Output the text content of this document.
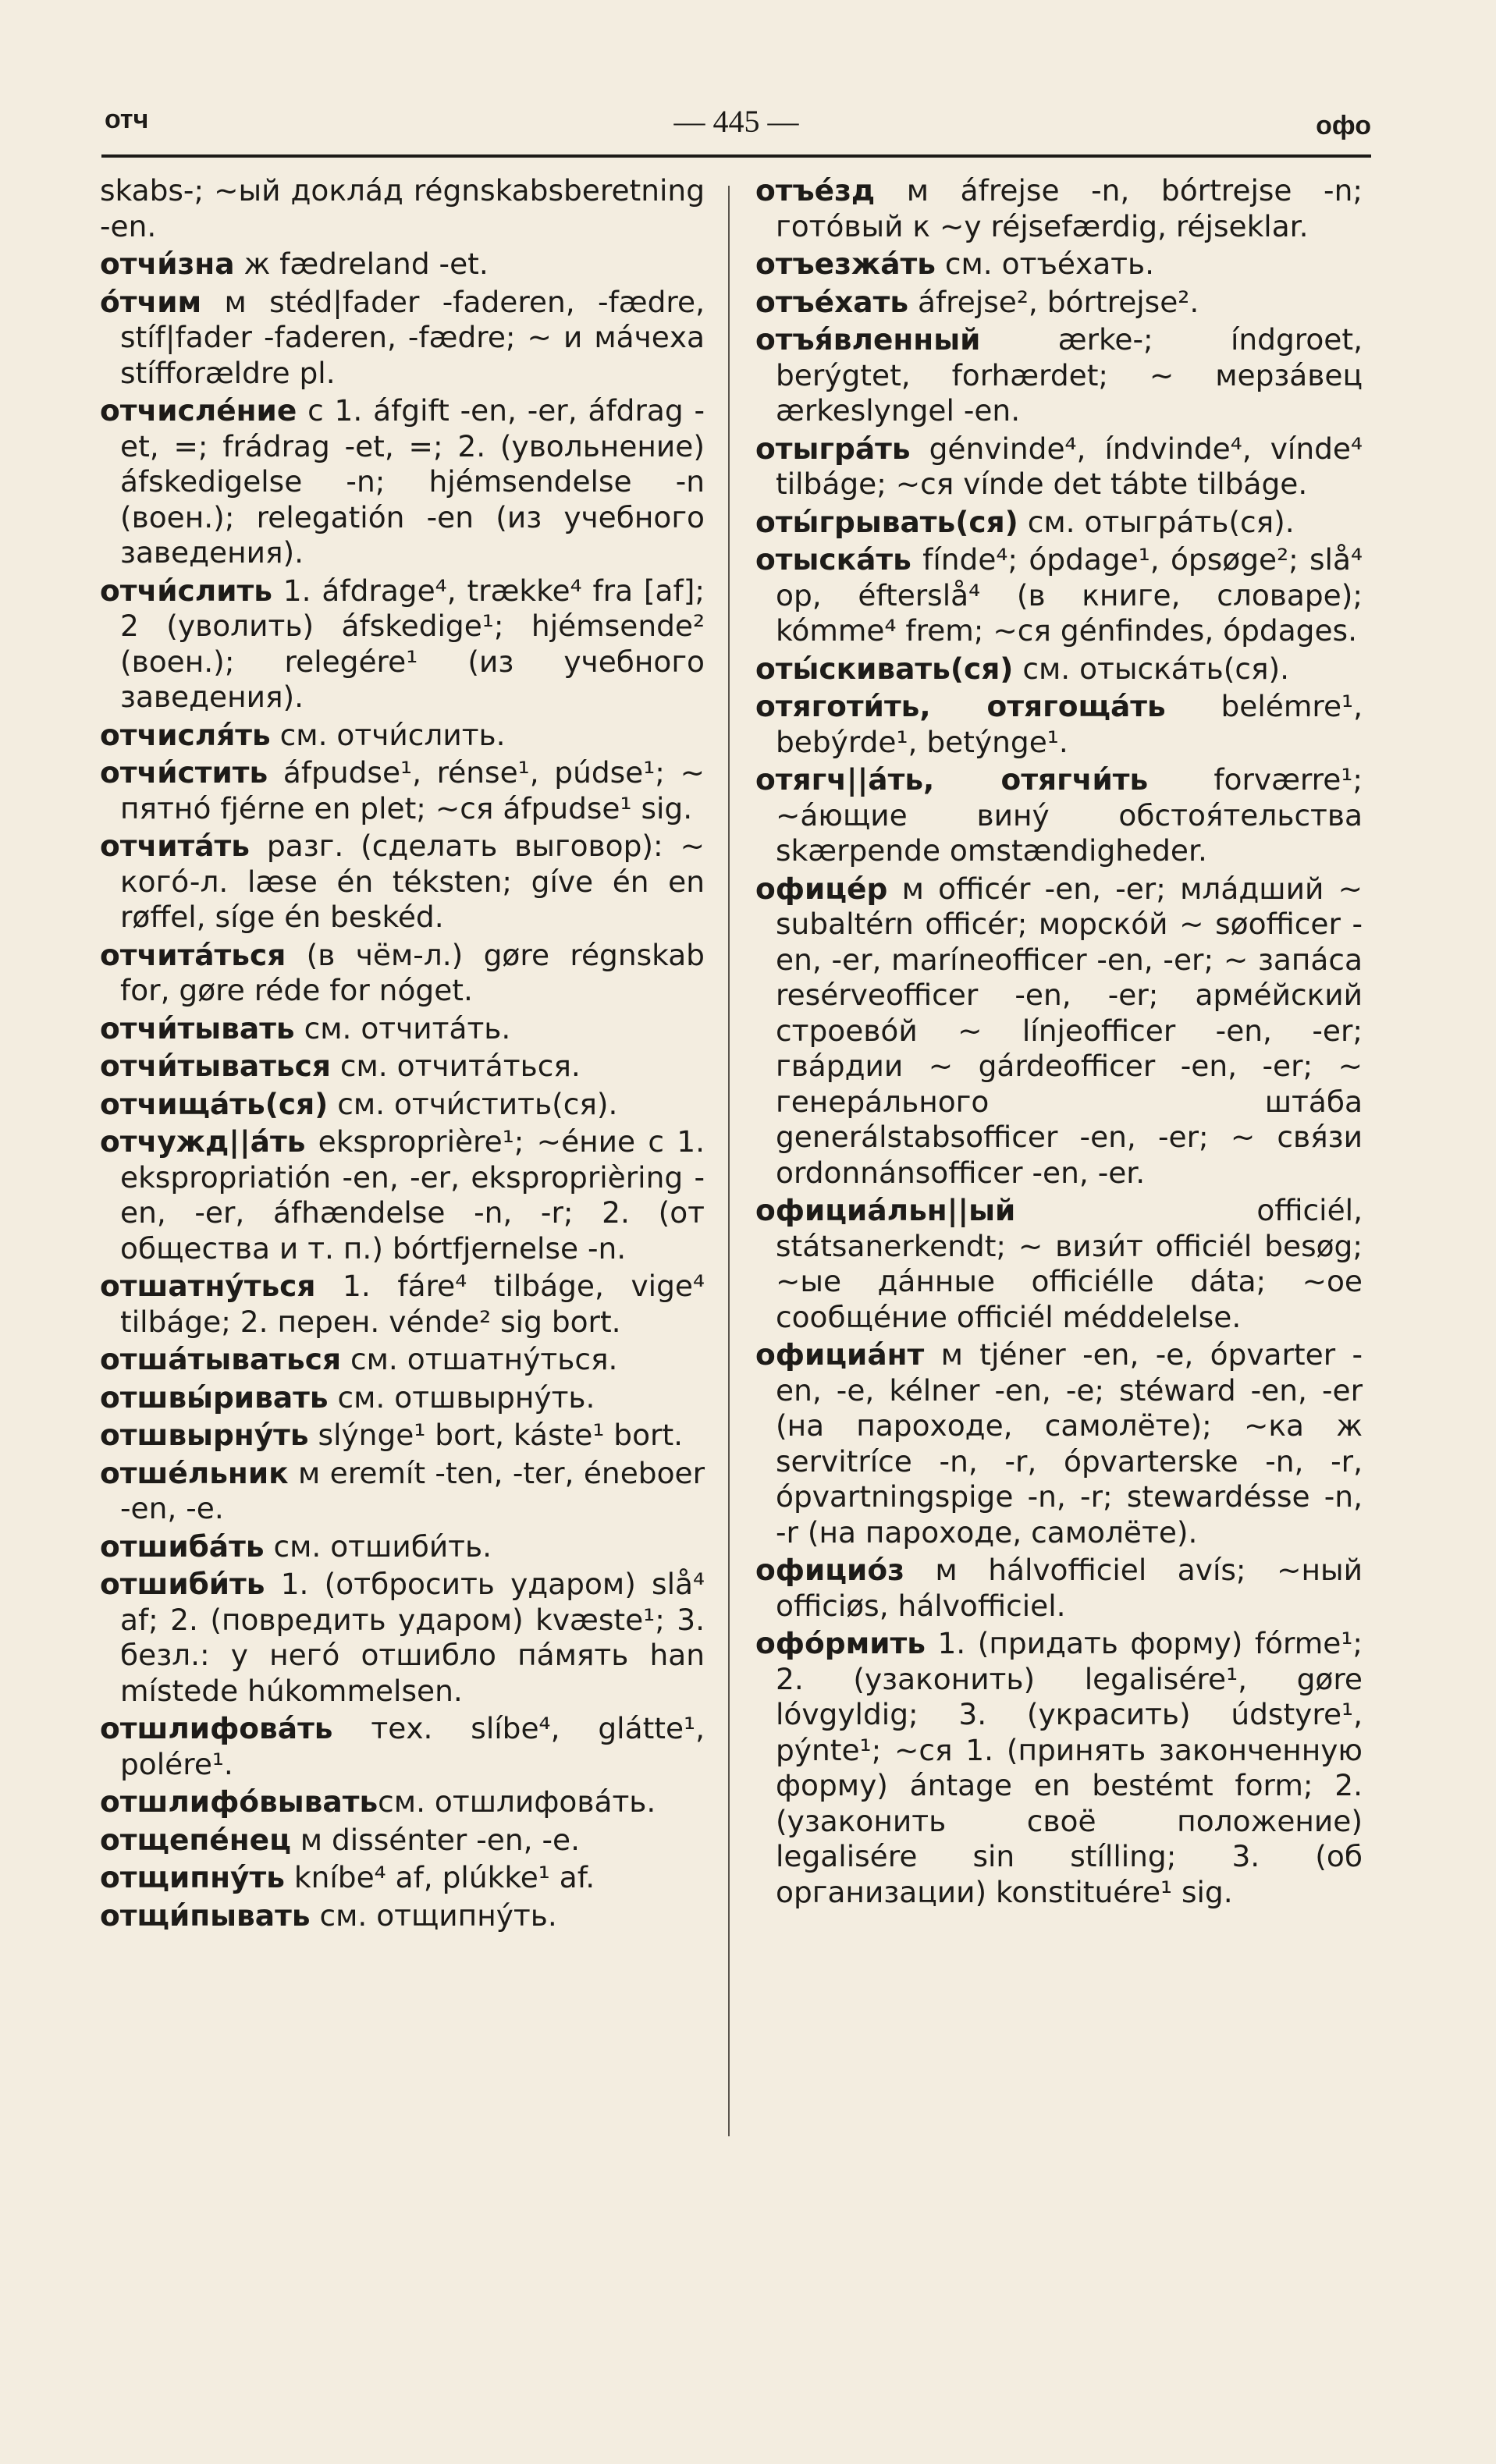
отч	— 445 —	офо

skabs-; ~ый доклáд régnskabsberetning -en.

отчи́зна ж fædreland -et.

óтчим м stéd|fader -faderen, -fædre, stíf|fader -faderen, -fædre; ~ и мáчеха stífforældre pl.

отчислéние с 1. áfgift -en, -er, áfdrag -et, =; frádrag -et, =; 2. (увольнение) áfskedigelse -n; hjémsendelse -n (воен.); relegatión -en (из учебного заведения).

отчи́слить 1. áfdrage⁴, trække⁴ fra [af]; 2 (уволить) áfskedige¹; hjémsende² (воен.); relegére¹ (из учебного заведения).

отчисля́ть см. отчи́слить.

отчи́стить áfpudse¹, rénse¹, púdse¹; ~ пятнó fjérne en plet; ~ся áfpudse¹ sig.

отчитáть разг. (сделать выговор): ~ когó-л. læse én téksten; gíve én en røffel, síge én beskéd.

отчитáться (в чём-л.) gøre régnskab for, gøre réde for nóget.

отчи́тывать см. отчитáть.

отчи́тываться см. отчитáться.

отчищáть(ся) см. отчи́стить(ся).

отчужд||áть eksproprière¹; ~éние с 1. ekspropriatión -en, -er, eksproprièring -en, -er, áfhændelse -n, -r; 2. (от общества и т. п.) bórtfjernelse -n.

отшатнýться 1. fáre⁴ tilbáge, vige⁴ tilbáge; 2. перен. vénde² sig bort.

отшáтываться см. отшатнýться.

отшвы́ривать см. отшвырнýть.

отшвырнýть slýnge¹ bort, káste¹ bort.

отшéльник м eremít -ten, -ter, éneboer -en, -e.

отшибáть см. отшиби́ть.

отшиби́ть 1. (отбросить ударом) slå⁴ af; 2. (повредить ударом) kvæste¹; 3. безл.: у негó отшибло пáмять han místede húkommelsen.

отшлифовáть тех. slíbe⁴, glátte¹, polére¹.

отшлифóвыватьсм. отшлифовáть.

отщепéнец м dissénter -en, -e.

отщипнýть kníbe⁴ af, plúkke¹ af.

отщи́пывать см. отщипнýть.

отъéзд м áfrejse -n, bórtrejse -n; готóвый к ~у réjsefærdig, réjseklar.

отъезжáть см. отъéхать.

отъéхать áfrejse², bórtrejse².

отъя́вленный ærke-; índgroet, berýgtet, forhærdet; ~ мерзáвец ærkeslyngel -en.

отыгрáть génvinde⁴, índvinde⁴, vínde⁴ tilbáge; ~ся vínde det tábte tilbáge.

оты́грывать(ся) см. отыгрáть(ся).

отыскáть fínde⁴; ópdage¹, ópsøge²; slå⁴ op, éfterslå⁴ (в книге, словаре); kómme⁴ frem; ~ся génfindes, ópdages.

оты́скивать(ся) см. отыскáть(ся).

отяготи́ть, отягощáть belémre¹, bebýrde¹, betýnge¹.

отягч||áть, отягчи́ть forværre¹; ~áющие винý обстоя́тельства skærpende omstændigheder.

офицéр м officér -en, -er; млáдший ~ subaltérn officér; морскóй ~ søofficer -en, -er, maríneofficer -en, -er; ~ запáса resérveofficer -en, -er; армéйский строевóй ~ línjeofficer -en, -er; гвáрдии ~ gárdeofficer -en, -er; ~ генерáльного штáба generálstabsofficer -en, -er; ~ свя́зи ordonnánsofficer -en, -er.

официáльн||ый officiél, státsanerkendt; ~ визи́т officiél besøg; ~ые дáнные officiélle dáta; ~ое сообщéние officiél méddelelse.

официáнт м tjéner -en, -e, ópvarter -en, -e, kélner -en, -e; stéward -en, -er (на пароходе, самолёте); ~ка ж servitríce -n, -r, ópvarterske -n, -r, ópvartningspige -n, -r; stewardésse -n, -r (на пароходе, самолёте).

официóз м hálvofficiel avís; ~ный officiøs, hálvofficiel.

офóрмить 1. (придать форму) fórme¹; 2. (узаконить) legalisére¹, gøre lóvgyldig; 3. (украсить) údstyre¹, pýnte¹; ~ся 1. (принять законченную форму) ántage en bestémt form; 2. (узаконить своё положение) legalisére sin stílling; 3. (об организации) konstituére¹ sig.
